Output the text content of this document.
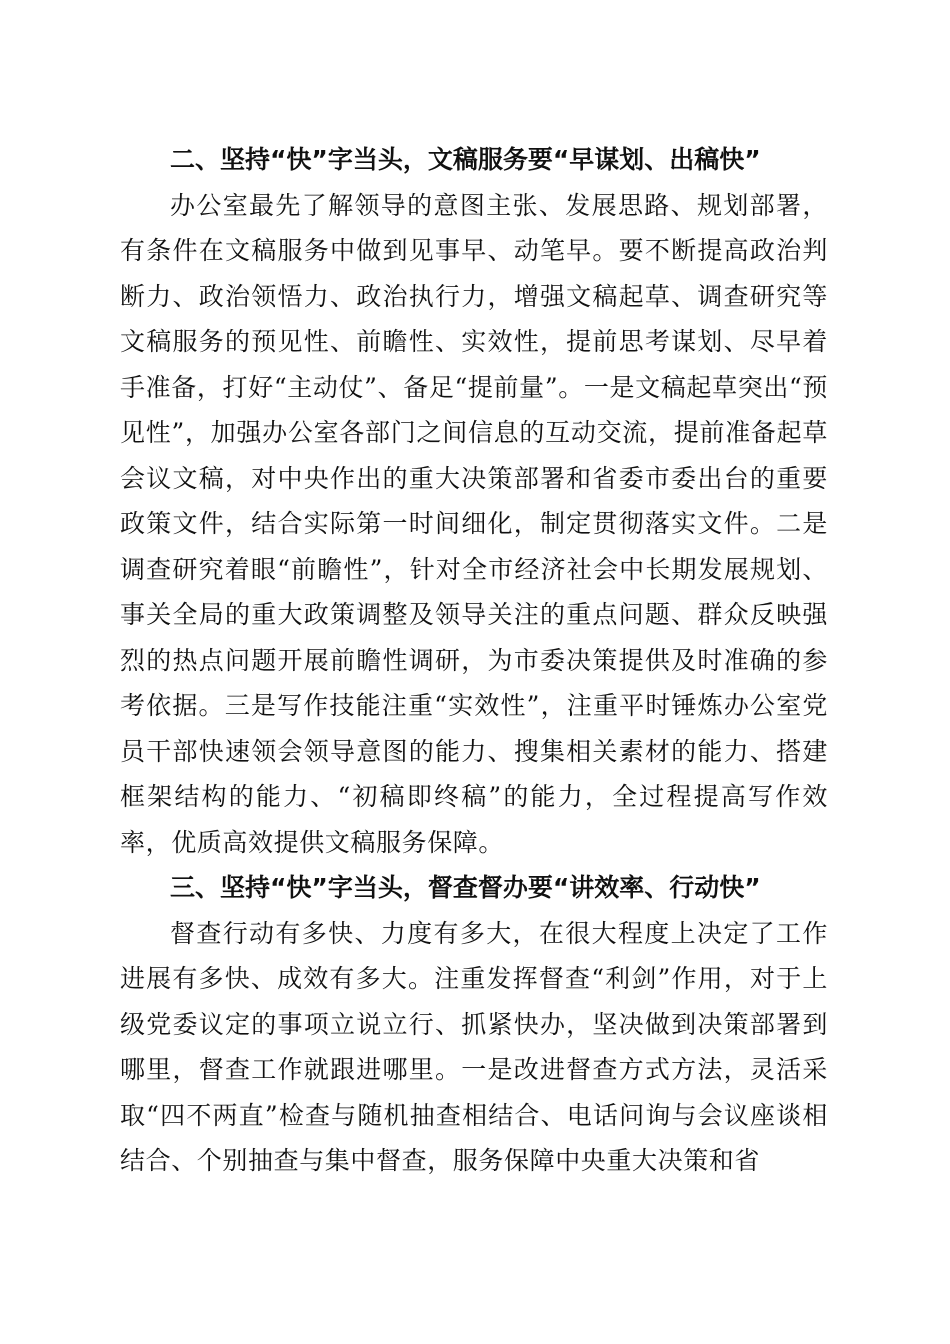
二、坚持“快”字当头，文稿服务要“早谋划、出稿快”

办公室最先了解领导的意图主张、发展思路、规划部署，有条件在文稿服务中做到见事早、动笔早。要不断提高政治判断力、政治领悟力、政治执行力，增强文稿起草、调查研究等文稿服务的预见性、前瞻性、实效性，提前思考谋划、尽早着手准备，打好“主动仗”、备足“提前量”。一是文稿起草突出“预见性”，加强办公室各部门之间信息的互动交流，提前准备起草会议文稿，对中央作出的重大决策部署和省委市委出台的重要政策文件，结合实际第一时间细化，制定贯彻落实文件。二是调查研究着眼“前瞻性”，针对全市经济社会中长期发展规划、事关全局的重大政策调整及领导关注的重点问题、群众反映强烈的热点问题开展前瞻性调研，为市委决策提供及时准确的参考依据。三是写作技能注重“实效性”，注重平时锤炼办公室党员干部快速领会领导意图的能力、搜集相关素材的能力、搭建框架结构的能力、“初稿即终稿”的能力，全过程提高写作效率，优质高效提供文稿服务保障。

三、坚持“快”字当头，督查督办要“讲效率、行动快”

督查行动有多快、力度有多大，在很大程度上决定了工作进展有多快、成效有多大。注重发挥督查“利剑”作用，对于上级党委议定的事项立说立行、抓紧快办，坚决做到决策部署到哪里，督查工作就跟进哪里。一是改进督查方式方法，灵活采取“四不两直”检查与随机抽查相结合、电话问询与会议座谈相结合、个别抽查与集中督查，服务保障中央重大决策和省
